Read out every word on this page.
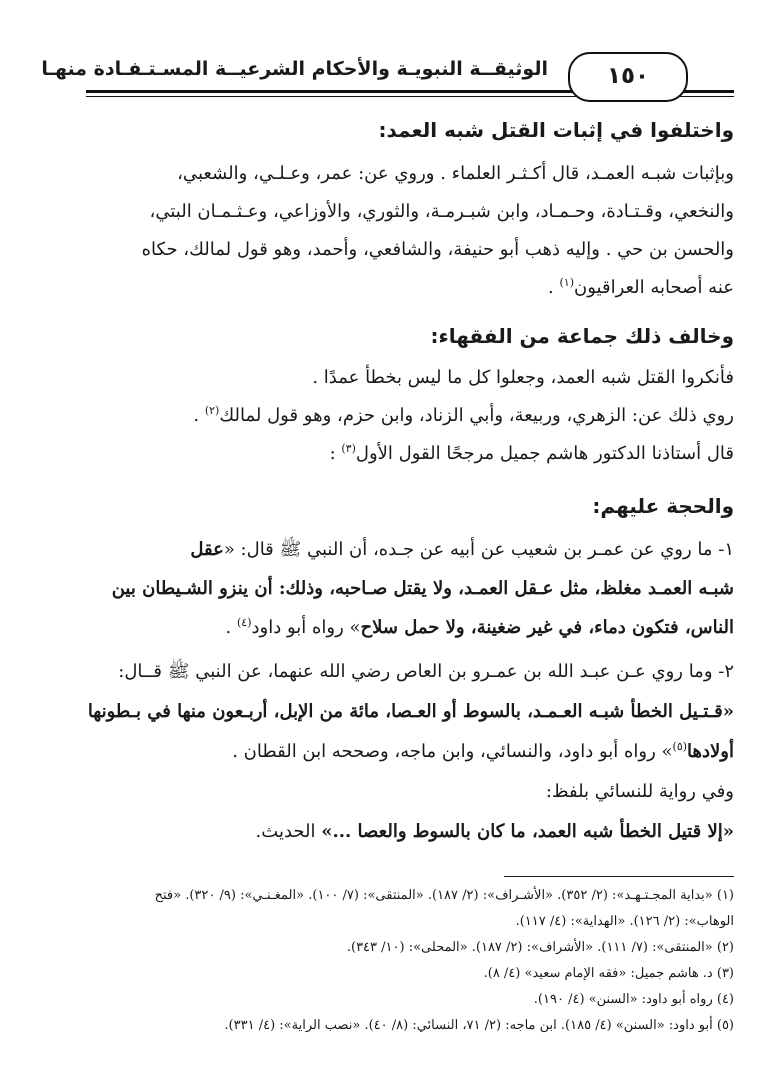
الوثيقــة النبويـة والأحكام الشرعيــة المسـتـفـادة منهـا	١٥٠
واختلفوا في إثبات القتل شبه العمد:
وبإثبات شبـه العمـد، قال أكـثـر العلماء . وروي عن: عمر، وعـلـي، والشعبي،
والنخعي، وقـتـادة، وحـمـاد، وابن شبـرمـة، والثوري، والأوزاعي، وعـثـمـان البتي،
والحسن بن حي . وإليه ذهب أبو حنيفة، والشافعي، وأحمد، وهو قول لمالك، حكاه
عنه أصحابه العراقيون$^{(١)}$ .
وخالف ذلك جماعة من الفقهاء:
فأنكروا القتل شبه العمد، وجعلوا كل ما ليس بخطأ عمدًا .
روي ذلك عن: الزهري، وربيعة، وأبي الزناد، وابن حزم، وهو قول لمالك$^{(٢)}$ .
قال أستاذنا الدكتور هاشم جميل مرجحًا القول الأول$^{(٣)}$ :
والحجة عليهم:
١- ما روي عن عمـر بن شعيب عن أبيه عن جـده، أن النبي ﷺ قال: «عقل
شبـه العمـد مغلظ، مثل عـقل العمـد، ولا يقتل صـاحبه، وذلك: أن ينزو الشـيطان بين
الناس، فتكون دماء، في غير ضغينة، ولا حمل سلاح» رواه أبو داود$^{(٤)}$ .
٢- وما روي عـن عبـد الله بن عمـرو بن العاص رضي الله عنهما، عن النبي ﷺ قــال:
«قـتـيل الخطأ شبـه العـمـد، بالسوط أو العـصا، مائة من الإبل، أربـعون منها في بـطونها
أولادها$^{(٥)}$» رواه أبو داود، والنسائي، وابن ماجه، وصححه ابن القطان .
وفي رواية للنسائي بلفظ:
«إلا قتيل الخطأ شبه العمد، ما كان بالسوط والعصا ...» الحديث.
(١) «بداية المجـتـهـد»: (٢/ ٣٥٢). «الأشـراف»: (٢/ ١٨٧). «المنتقى»: (٧/ ١٠٠). «المغـنـي»: (٩/ ٣٢٠). «فتح
الوهاب»: (٢/ ١٢٦). «الهداية»: (٤/ ١١٧).
(٢) «المنتقى»: (٧/ ١١١). «الأشراف»: (٢/ ١٨٧). «المحلى»: (١٠/ ٣٤٣).
(٣) د. هاشم جميل: «فقه الإمام سعيد» (٤/ ٨).
(٤) رواه أبو داود: «السنن» (٤/ ١٩٠).
(٥) أبو داود: «السنن» (٤/ ١٨٥). ابن ماجه: (٢/ ٧١، النسائي: (٨/ ٤٠). «نصب الراية»: (٤/ ٣٣١).
